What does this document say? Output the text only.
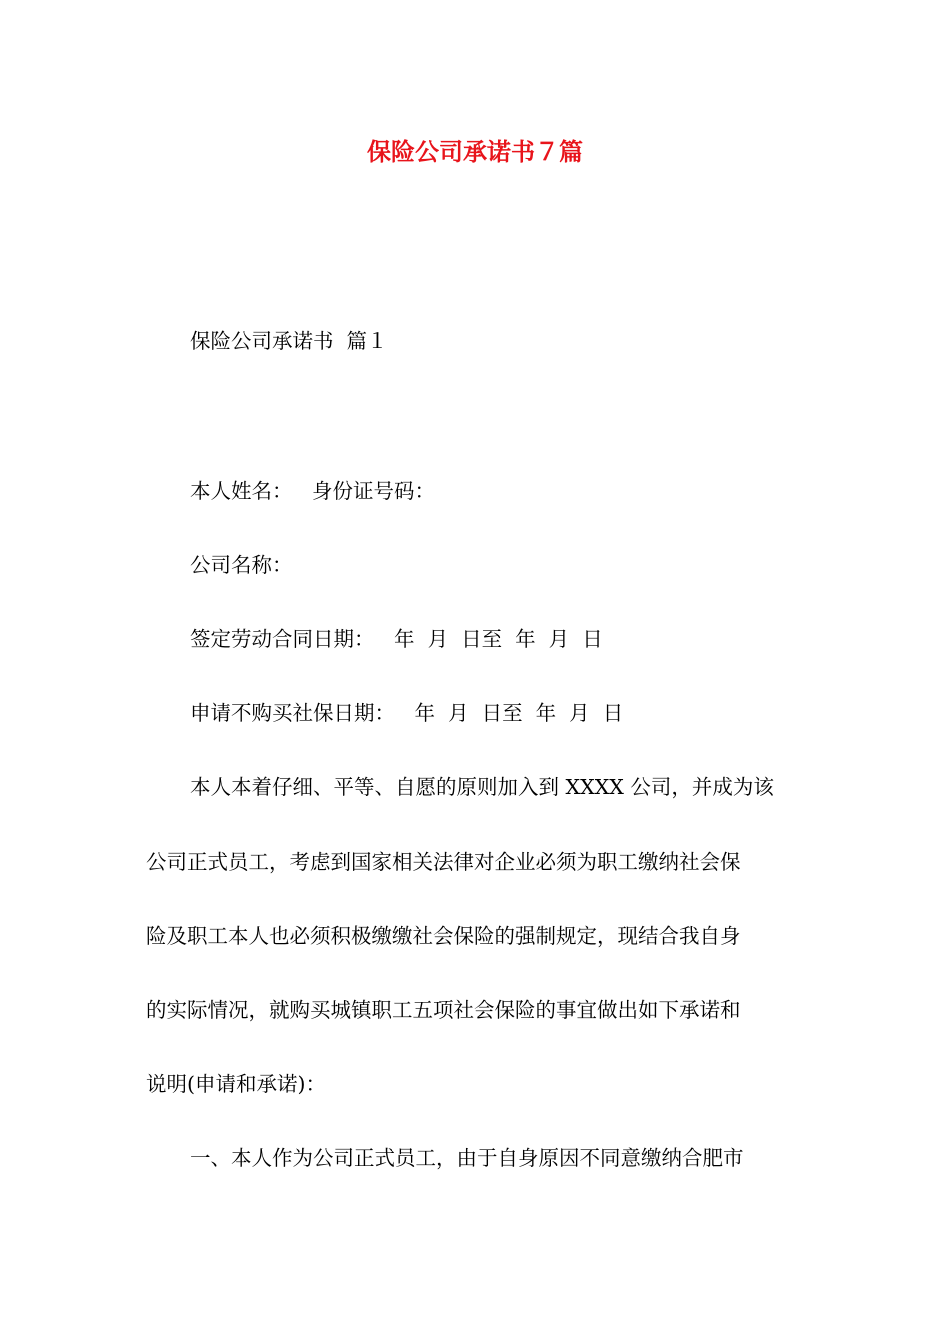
保险公司承诺书７篇

保险公司承诺书  篇１

本人姓名：   身份证号码：

公司名称：

签定劳动合同日期：   年  月  日至  年  月  日

申请不购买社保日期：   年  月  日至  年  月  日

本人本着仔细、平等、自愿的原则加入到 XXXX 公司，并成为该

公司正式员工，考虑到国家相关法律对企业必须为职工缴纳社会保

险及职工本人也必须积极缴缴社会保险的强制规定，现结合我自身

的实际情况，就购买城镇职工五项社会保险的事宜做出如下承诺和

说明(申请和承诺)：

一、本人作为公司正式员工，由于自身原因不同意缴纳合肥市
